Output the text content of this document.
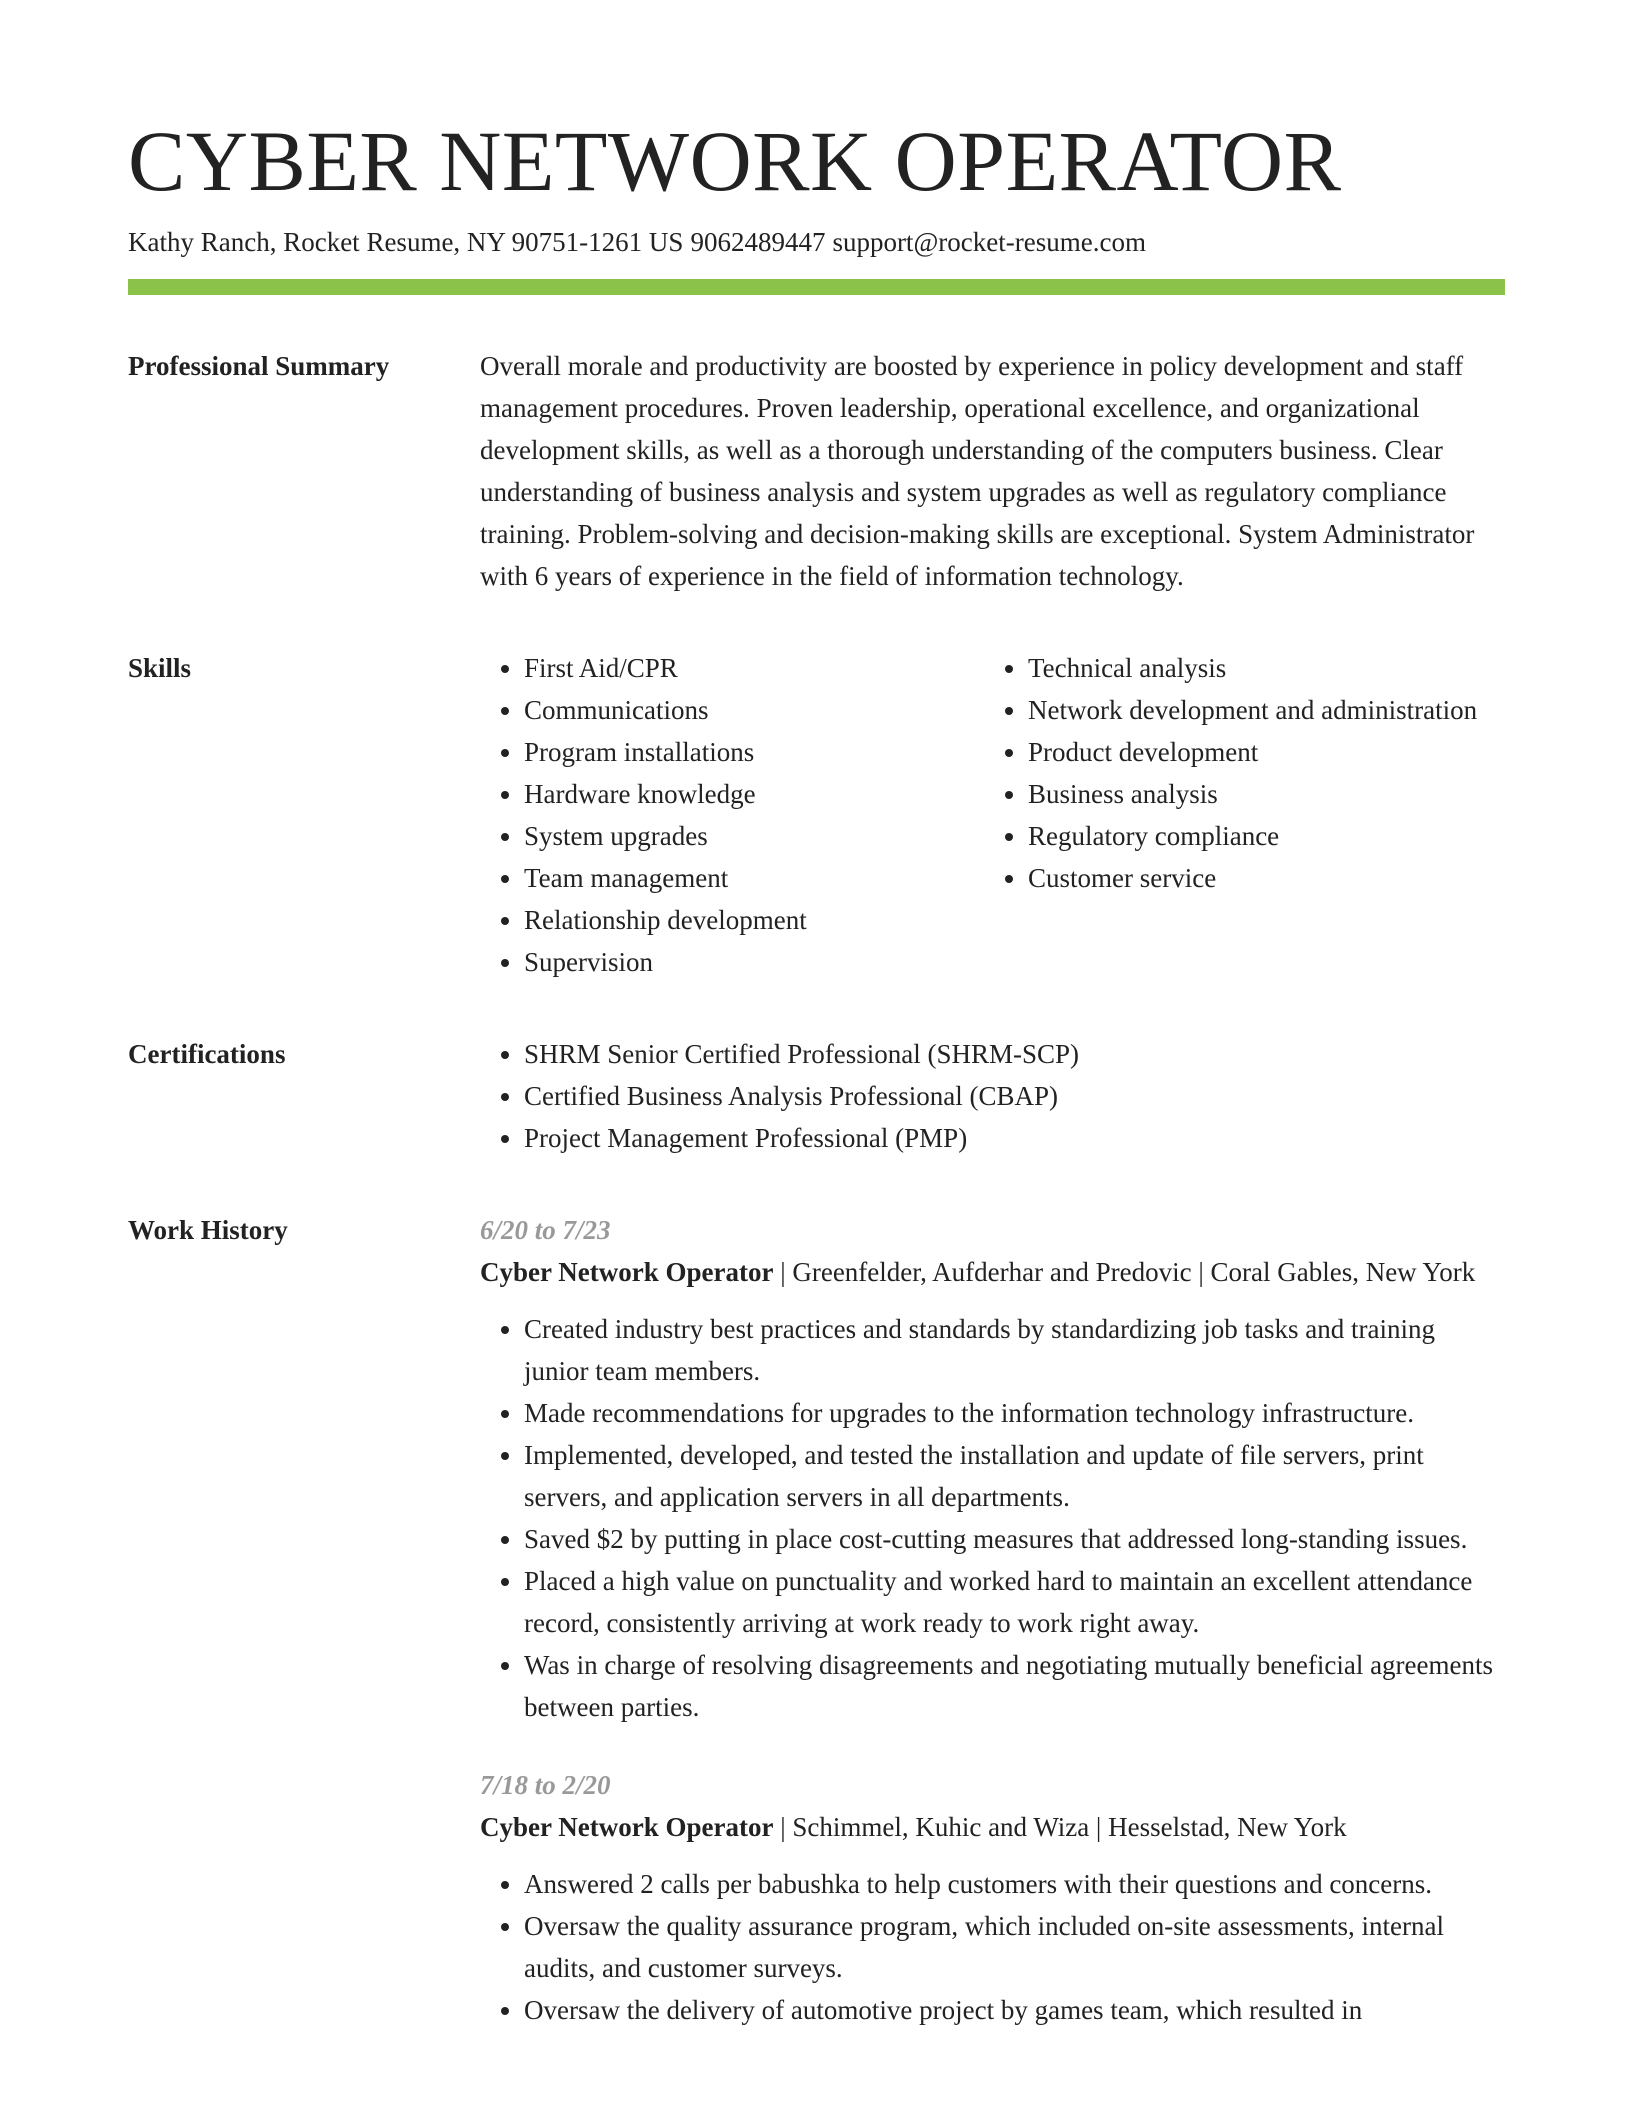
CYBER NETWORK OPERATOR
Kathy Ranch, Rocket Resume, NY 90751-1261 US 9062489447 support@rocket-resume.com
Professional Summary	Overall morale and productivity are boosted by experience in policy development and staff management procedures. Proven leadership, operational excellence, and organizational development skills, as well as a thorough understanding of the computers business. Clear understanding of business analysis and system upgrades as well as regulatory compliance training. Problem-solving and decision-making skills are exceptional. System Administrator with 6 years of experience in the field of information technology.

Skills	• First Aid/CPR
• Communications
• Program installations
• Hardware knowledge
• System upgrades
• Team management
• Relationship development
• Supervision
• Technical analysis
• Network development and administration
• Product development
• Business analysis
• Regulatory compliance
• Customer service
Certifications	• SHRM Senior Certified Professional (SHRM-SCP)
• Certified Business Analysis Professional (CBAP)
• Project Management Professional (PMP)
Work History	6/20 to 7/23
Cyber Network Operator | Greenfelder, Aufderhar and Predovic | Coral Gables, New York
• Created industry best practices and standards by standardizing job tasks and training junior team members.
• Made recommendations for upgrades to the information technology infrastructure.
• Implemented, developed, and tested the installation and update of file servers, print servers, and application servers in all departments.
• Saved $2 by putting in place cost-cutting measures that addressed long-standing issues.
• Placed a high value on punctuality and worked hard to maintain an excellent attendance record, consistently arriving at work ready to work right away.
• Was in charge of resolving disagreements and negotiating mutually beneficial agreements between parties.
7/18 to 2/20
Cyber Network Operator | Schimmel, Kuhic and Wiza | Hesselstad, New York
• Answered 2 calls per babushka to help customers with their questions and concerns.
• Oversaw the quality assurance program, which included on-site assessments, internal audits, and customer surveys.
• Oversaw the delivery of automotive project by games team, which resulted in
